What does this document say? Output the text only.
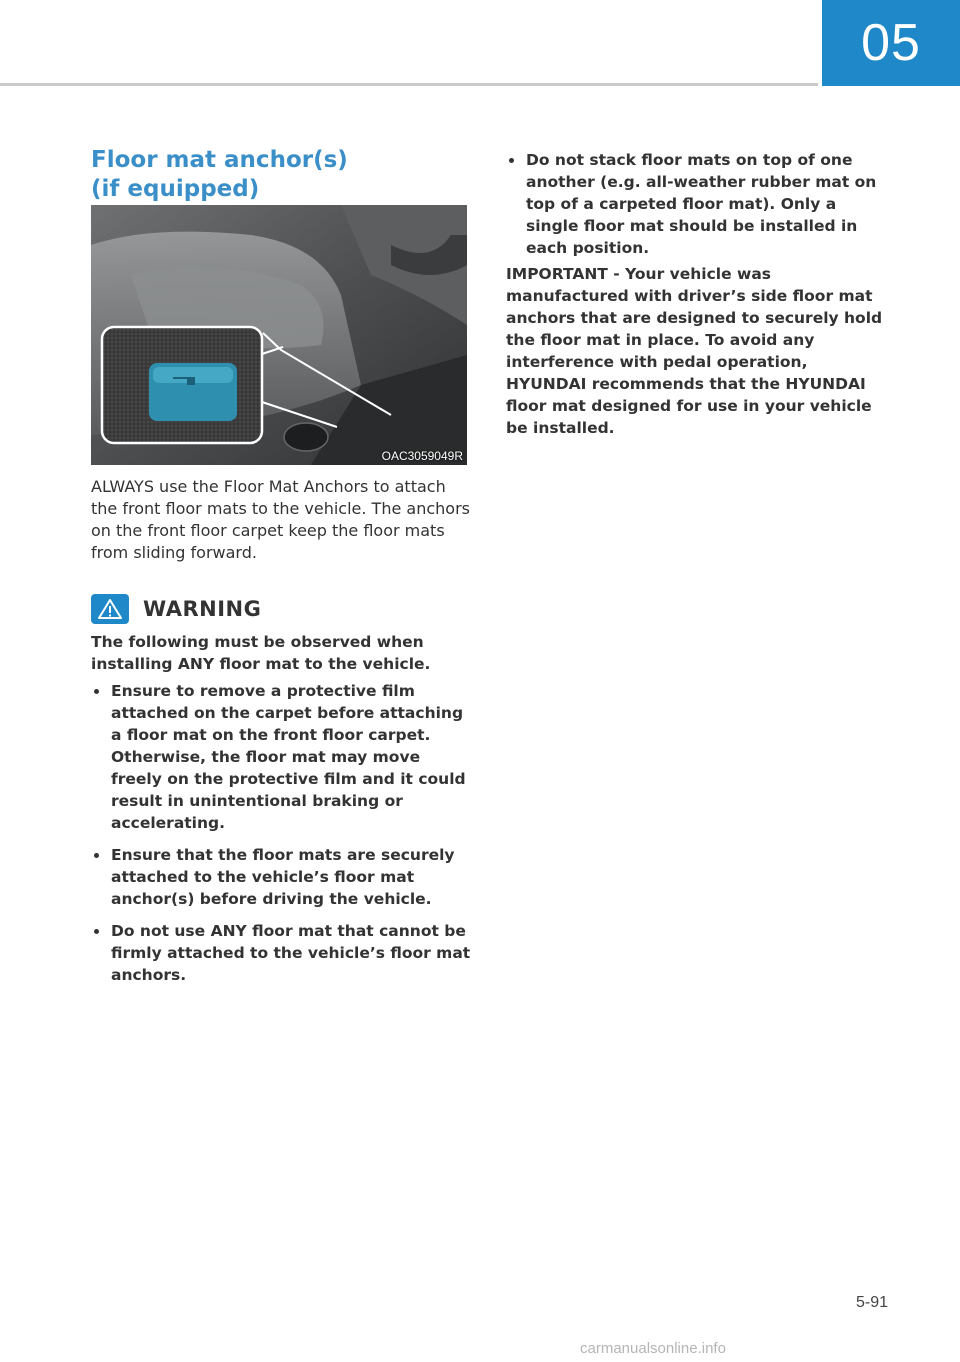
05
Floor mat anchor(s)
(if equipped)
OAC3059049R

ALWAYS use the Floor Mat Anchors to attach the front floor mats to the vehicle. The anchors on the front floor carpet keep the floor mats from sliding forward.

WARNING

The following must be observed when installing ANY floor mat to the vehicle.

Ensure to remove a protective film attached on the carpet before attaching a floor mat on the front floor carpet. Otherwise, the floor mat may move freely on the protective film and it could result in unintentional braking or accelerating.
Ensure that the floor mats are securely attached to the vehicle’s floor mat anchor(s) before driving the vehicle.
Do not use ANY floor mat that cannot be firmly attached to the vehicle’s floor mat anchors.
Do not stack floor mats on top of one another (e.g. all-weather rubber mat on top of a carpeted floor mat). Only a single floor mat should be installed in each position.

IMPORTANT - Your vehicle was manufactured with driver’s side floor mat anchors that are designed to securely hold the floor mat in place. To avoid any interference with pedal operation, HYUNDAI recommends that the HYUNDAI floor mat designed for use in your vehicle be installed.

5-91
carmanualsonline.info
